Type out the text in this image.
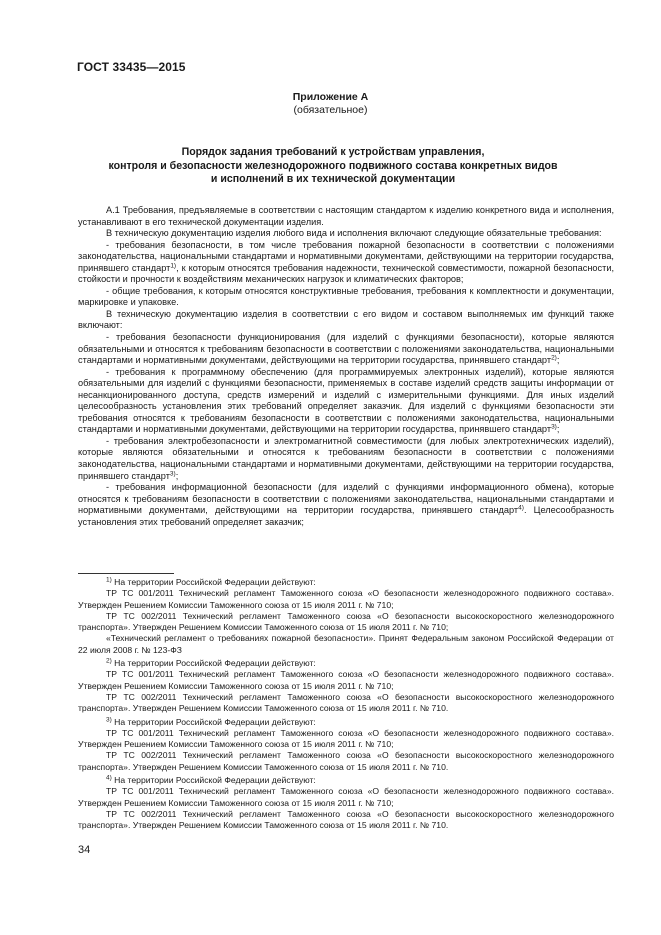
ГОСТ 33435—2015
Приложение А
(обязательное)
Порядок задания требований к устройствам управления,
контроля и безопасности железнодорожного подвижного состава конкретных видов
и исполнений в их технической документации

А.1 Требования, предъявляемые в соответствии с настоящим стандартом к изделию конкретного вида и исполнения, устанавливают в его технической документации изделия.

В техническую документацию изделия любого вида и исполнения включают следующие обязательные требования:

- требования безопасности, в том числе требования пожарной безопасности в соответствии с положениями законодательства, национальными стандартами и нормативными документами, действующими на территории государства, принявшего стандарт$^{1)}$, к которым относятся требования надежности, технической совместимости, пожарной безопасности, стойкости и прочности к воздействиям механических нагрузок и климатических факторов;

- общие требования, к которым относятся конструктивные требования, требования к комплектности и документации, маркировке и упаковке.

В техническую документацию изделия в соответствии с его видом и составом выполняемых им функций также включают:

- требования безопасности функционирования (для изделий с функциями безопасности), которые являются обязательными и относятся к требованиям безопасности в соответствии с положениями законодательства, национальными стандартами и нормативными документами, действующими на территории государства, принявшего стандарт$^{2)}$;

- требования к программному обеспечению (для программируемых электронных изделий), которые являются обязательными для изделий с функциями безопасности, применяемых в составе изделий средств защиты информации от несанкционированного доступа, средств измерений и изделий с измерительными функциями. Для иных изделий целесообразность установления этих требований определяет заказчик. Для изделий с функциями безопасности эти требования относятся к требованиям безопасности в соответствии с положениями законодательства, национальными стандартами и нормативными документами, действующими на территории государства, принявшего стандарт$^{3)}$;

- требования электробезопасности и электромагнитной совместимости (для любых электротехнических изделий), которые являются обязательными и относятся к требованиям безопасности в соответствии с положениями законодательства, национальными стандартами и нормативными документами, действующими на территории государства, принявшего стандарт$^{3)}$;

- требования информационной безопасности (для изделий с функциями информационного обмена), которые относятся к требованиям безопасности в соответствии с положениями законодательства, национальными стандартами и нормативными документами, действующими на территории государства, принявшего стандарт$^{4)}$. Целесообразность установления этих требований определяет заказчик;

$^{1)}$ На территории Российской Федерации действуют:

ТР ТС 001/2011 Технический регламент Таможенного союза «О безопасности железнодорожного подвижного состава». Утвержден Решением Комиссии Таможенного союза от 15 июля 2011 г. № 710;

ТР ТС 002/2011 Технический регламент Таможенного союза «О безопасности высокоскоростного железнодорожного транспорта». Утвержден Решением Комиссии Таможенного союза от 15 июля 2011 г. № 710;

«Технический регламент о требованиях пожарной безопасности». Принят Федеральным законом Российской Федерации от 22 июля 2008 г. № 123-ФЗ

$^{2)}$ На территории Российской Федерации действуют:

ТР ТС 001/2011 Технический регламент Таможенного союза «О безопасности железнодорожного подвижного состава». Утвержден Решением Комиссии Таможенного союза от 15 июля 2011 г. № 710;

ТР ТС 002/2011 Технический регламент Таможенного союза «О безопасности высокоскоростного железнодорожного транспорта». Утвержден Решением Комиссии Таможенного союза от 15 июля 2011 г. № 710.

$^{3)}$ На территории Российской Федерации действуют:

ТР ТС 001/2011 Технический регламент Таможенного союза «О безопасности железнодорожного подвижного состава». Утвержден Решением Комиссии Таможенного союза от 15 июля 2011 г. № 710;

ТР ТС 002/2011 Технический регламент Таможенного союза «О безопасности высокоскоростного железнодорожного транспорта». Утвержден Решением Комиссии Таможенного союза от 15 июля 2011 г. № 710.

$^{4)}$ На территории Российской Федерации действуют:

ТР ТС 001/2011 Технический регламент Таможенного союза «О безопасности железнодорожного подвижного состава». Утвержден Решением Комиссии Таможенного союза от 15 июля 2011 г. № 710;

ТР ТС 002/2011 Технический регламент Таможенного союза «О безопасности высокоскоростного железнодорожного транспорта». Утвержден Решением Комиссии Таможенного союза от 15 июля 2011 г. № 710.

34
